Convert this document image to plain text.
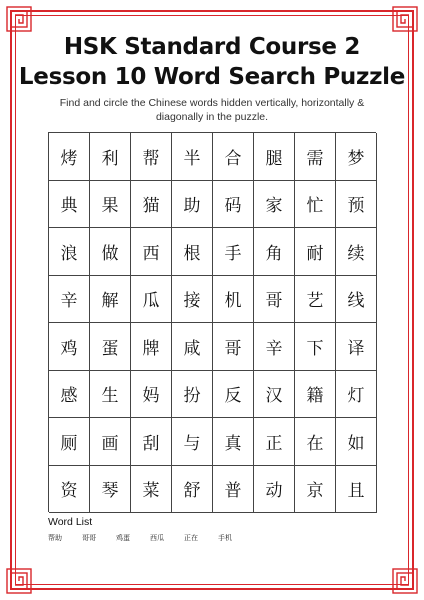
HSK Standard Course 2
Lesson 10 Word Search Puzzle
Find and circle the Chinese words hidden vertically, horizontally & diagonally in the puzzle.
烤	利	帮	半	合	腿	需	梦
典	果	猫	助	码	家	忙	预
浪	做	西	根	手	角	耐	续
辛	解	瓜	接	机	哥	艺	线
鸡	蛋	牌	咸	哥	辛	下	译
感	生	妈	扮	反	汉	籍	灯
厕	画	刮	与	真	正	在	如
资	琴	菜	舒	普	动	京	且
Word List
帮助	哥哥	鸡蛋	西瓜	正在	手机
